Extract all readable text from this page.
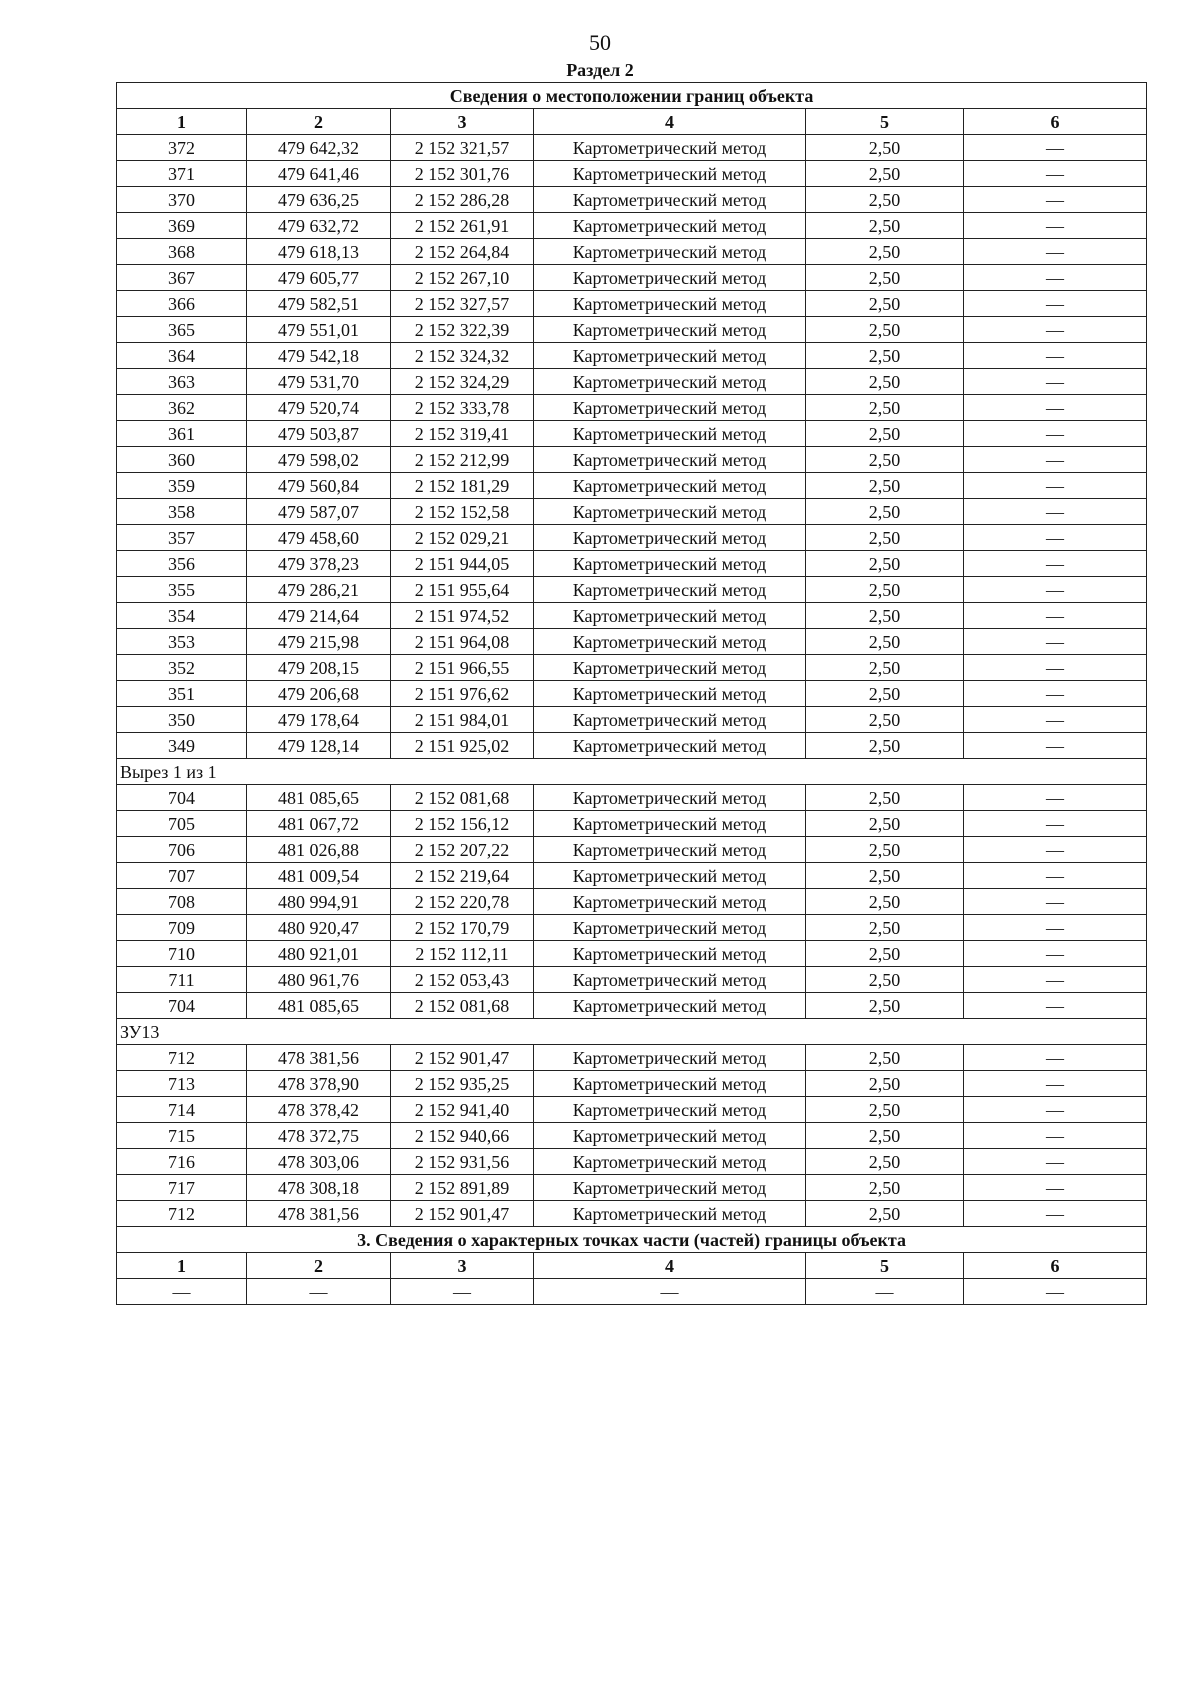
50
Раздел 2
Сведения о местоположении границ объекта					
1	2	3	4	5	6
372	479 642,32	2 152 321,57	Картометрический метод	2,50	—
371	479 641,46	2 152 301,76	Картометрический метод	2,50	—
370	479 636,25	2 152 286,28	Картометрический метод	2,50	—
369	479 632,72	2 152 261,91	Картометрический метод	2,50	—
368	479 618,13	2 152 264,84	Картометрический метод	2,50	—
367	479 605,77	2 152 267,10	Картометрический метод	2,50	—
366	479 582,51	2 152 327,57	Картометрический метод	2,50	—
365	479 551,01	2 152 322,39	Картометрический метод	2,50	—
364	479 542,18	2 152 324,32	Картометрический метод	2,50	—
363	479 531,70	2 152 324,29	Картометрический метод	2,50	—
362	479 520,74	2 152 333,78	Картометрический метод	2,50	—
361	479 503,87	2 152 319,41	Картометрический метод	2,50	—
360	479 598,02	2 152 212,99	Картометрический метод	2,50	—
359	479 560,84	2 152 181,29	Картометрический метод	2,50	—
358	479 587,07	2 152 152,58	Картометрический метод	2,50	—
357	479 458,60	2 152 029,21	Картометрический метод	2,50	—
356	479 378,23	2 151 944,05	Картометрический метод	2,50	—
355	479 286,21	2 151 955,64	Картометрический метод	2,50	—
354	479 214,64	2 151 974,52	Картометрический метод	2,50	—
353	479 215,98	2 151 964,08	Картометрический метод	2,50	—
352	479 208,15	2 151 966,55	Картометрический метод	2,50	—
351	479 206,68	2 151 976,62	Картометрический метод	2,50	—
350	479 178,64	2 151 984,01	Картометрический метод	2,50	—
349	479 128,14	2 151 925,02	Картометрический метод	2,50	—
Вырез 1 из 1					
704	481 085,65	2 152 081,68	Картометрический метод	2,50	—
705	481 067,72	2 152 156,12	Картометрический метод	2,50	—
706	481 026,88	2 152 207,22	Картометрический метод	2,50	—
707	481 009,54	2 152 219,64	Картометрический метод	2,50	—
708	480 994,91	2 152 220,78	Картометрический метод	2,50	—
709	480 920,47	2 152 170,79	Картометрический метод	2,50	—
710	480 921,01	2 152 112,11	Картометрический метод	2,50	—
711	480 961,76	2 152 053,43	Картометрический метод	2,50	—
704	481 085,65	2 152 081,68	Картометрический метод	2,50	—
ЗУ13					
712	478 381,56	2 152 901,47	Картометрический метод	2,50	—
713	478 378,90	2 152 935,25	Картометрический метод	2,50	—
714	478 378,42	2 152 941,40	Картометрический метод	2,50	—
715	478 372,75	2 152 940,66	Картометрический метод	2,50	—
716	478 303,06	2 152 931,56	Картометрический метод	2,50	—
717	478 308,18	2 152 891,89	Картометрический метод	2,50	—
712	478 381,56	2 152 901,47	Картометрический метод	2,50	—
3. Сведения о характерных точках части (частей) границы объекта					
1	2	3	4	5	6
—	—	—	—	—	—
